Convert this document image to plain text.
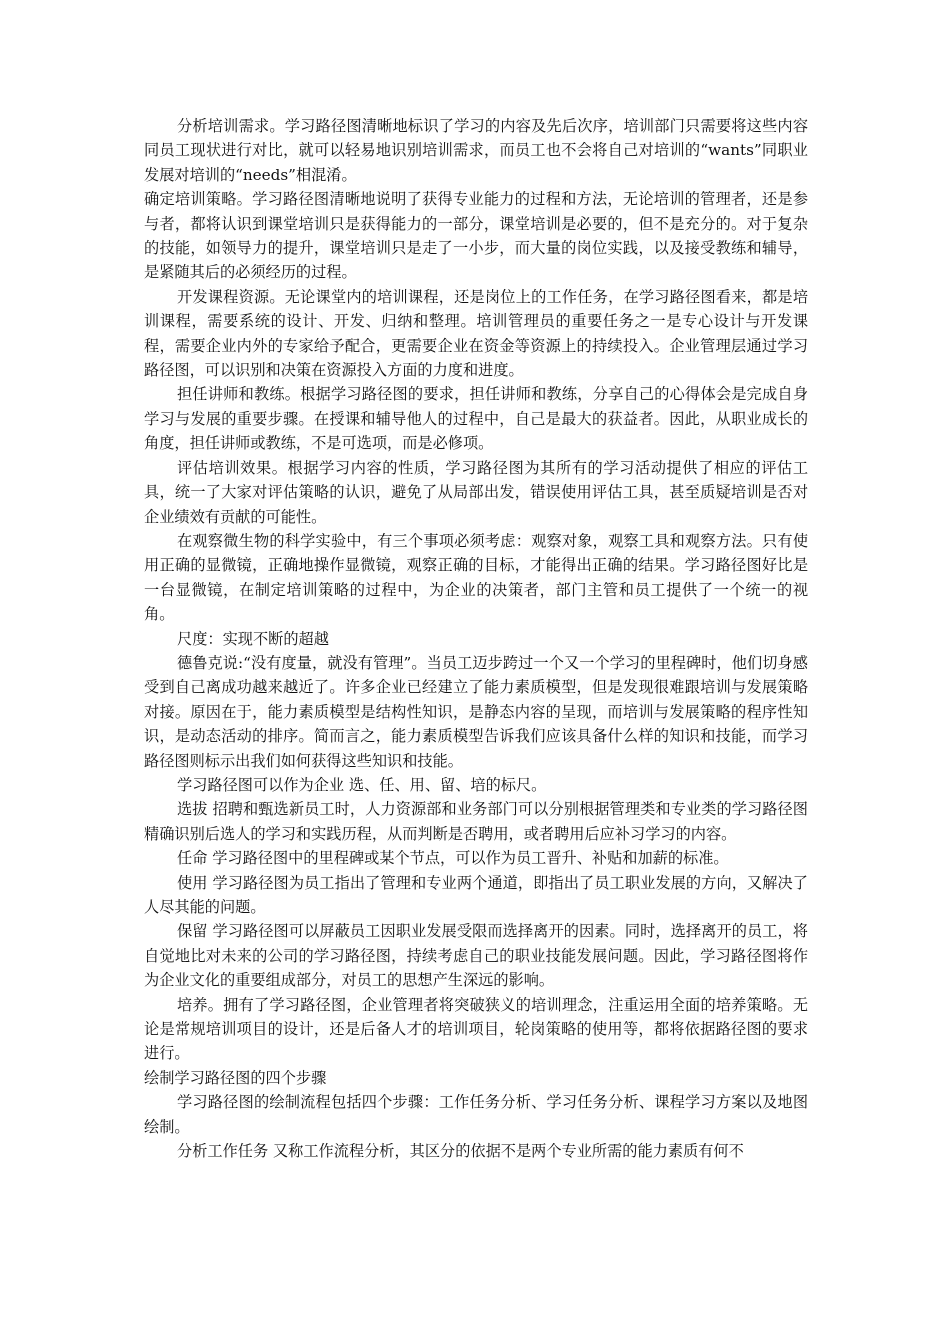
分析培训需求。学习路径图清晰地标识了学习的内容及先后次序，培训部门只需要将这些内容同员工现状进行对比，就可以轻易地识别培训需求，而员工也不会将自己对培训的“wants”同职业发展对培训的“needs”相混淆。

确定培训策略。学习路径图清晰地说明了获得专业能力的过程和方法，无论培训的管理者，还是参与者，都将认识到课堂培训只是获得能力的一部分，课堂培训是必要的，但不是充分的。对于复杂的技能，如领导力的提升，课堂培训只是走了一小步，而大量的岗位实践，以及接受教练和辅导，是紧随其后的必须经历的过程。

开发课程资源。无论课堂内的培训课程，还是岗位上的工作任务，在学习路径图看来，都是培训课程，需要系统的设计、开发、归纳和整理。培训管理员的重要任务之一是专心设计与开发课程，需要企业内外的专家给予配合，更需要企业在资金等资源上的持续投入。企业管理层通过学习路径图，可以识别和决策在资源投入方面的力度和进度。

担任讲师和教练。根据学习路径图的要求，担任讲师和教练，分享自己的心得体会是完成自身学习与发展的重要步骤。在授课和辅导他人的过程中，自己是最大的获益者。因此，从职业成长的角度，担任讲师或教练，不是可选项，而是必修项。

评估培训效果。根据学习内容的性质，学习路径图为其所有的学习活动提供了相应的评估工具，统一了大家对评估策略的认识，避免了从局部出发，错误使用评估工具，甚至质疑培训是否对企业绩效有贡献的可能性。

在观察微生物的科学实验中，有三个事项必须考虑：观察对象，观察工具和观察方法。只有使用正确的显微镜，正确地操作显微镜，观察正确的目标，才能得出正确的结果。学习路径图好比是一台显微镜，在制定培训策略的过程中，为企业的决策者，部门主管和员工提供了一个统一的视角。

尺度：实现不断的超越

德鲁克说:“没有度量，就没有管理”。当员工迈步跨过一个又一个学习的里程碑时，他们切身感受到自己离成功越来越近了。许多企业已经建立了能力素质模型，但是发现很难跟培训与发展策略对接。原因在于，能力素质模型是结构性知识，是静态内容的呈现，而培训与发展策略的程序性知识，是动态活动的排序。简而言之，能力素质模型告诉我们应该具备什么样的知识和技能，而学习路径图则标示出我们如何获得这些知识和技能。

学习路径图可以作为企业 选、任、用、留、培的标尺。

选拔 招聘和甄选新员工时，人力资源部和业务部门可以分别根据管理类和专业类的学习路径图精确识别后选人的学习和实践历程，从而判断是否聘用，或者聘用后应补习学习的内容。

任命 学习路径图中的里程碑或某个节点，可以作为员工晋升、补贴和加薪的标准。

使用 学习路径图为员工指出了管理和专业两个通道，即指出了员工职业发展的方向，又解决了人尽其能的问题。

保留 学习路径图可以屏蔽员工因职业发展受限而选择离开的因素。同时，选择离开的员工，将自觉地比对未来的公司的学习路径图，持续考虑自己的职业技能发展问题。因此，学习路径图将作为企业文化的重要组成部分，对员工的思想产生深远的影响。

培养。拥有了学习路径图，企业管理者将突破狭义的培训理念，注重运用全面的培养策略。无论是常规培训项目的设计，还是后备人才的培训项目，轮岗策略的使用等，都将依据路径图的要求进行。

绘制学习路径图的四个步骤

学习路径图的绘制流程包括四个步骤：工作任务分析、学习任务分析、课程学习方案以及地图绘制。

分析工作任务 又称工作流程分析，其区分的依据不是两个专业所需的能力素质有何不
